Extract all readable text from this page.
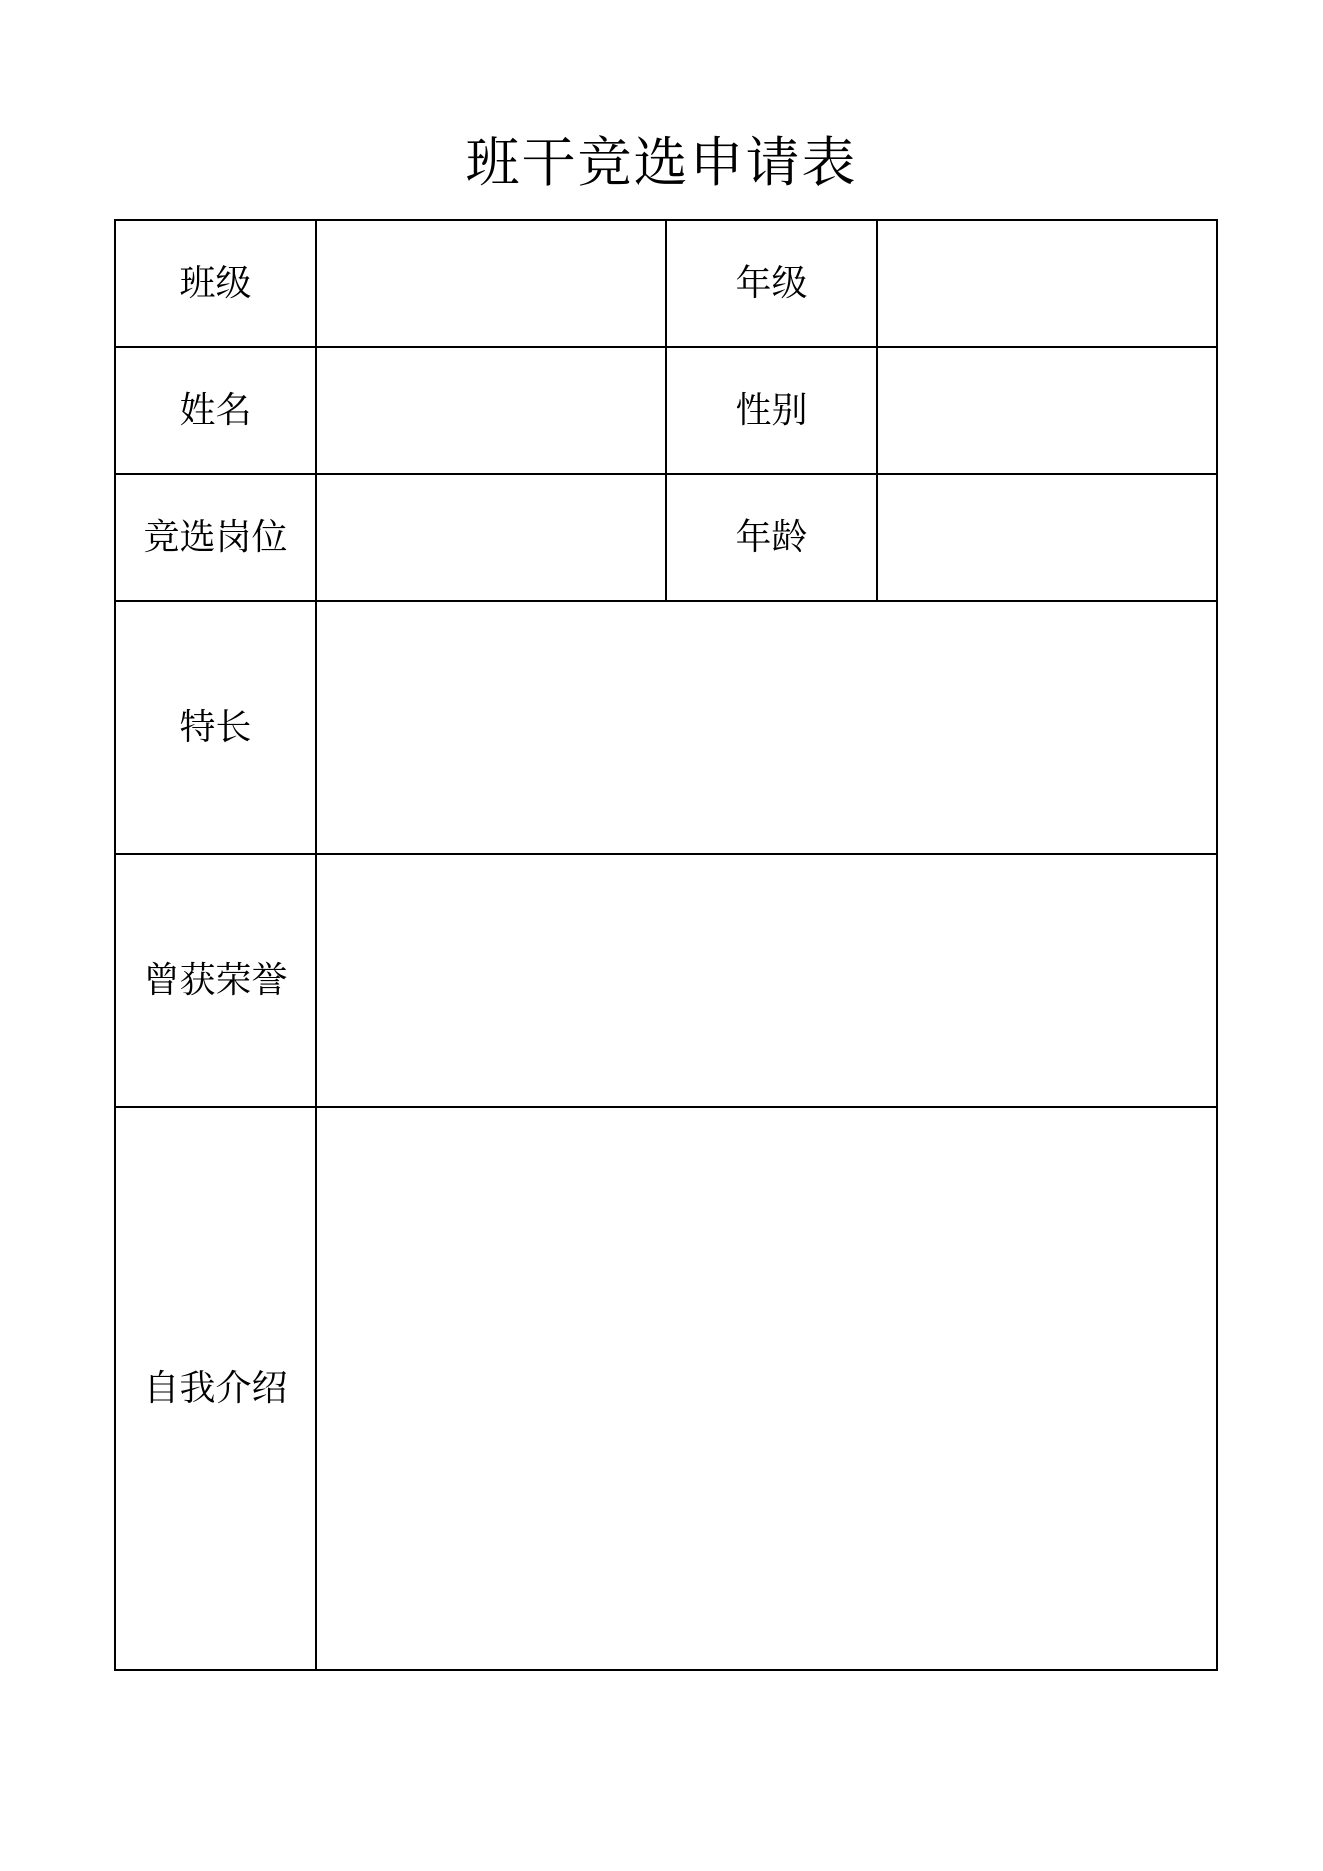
班干竞选申请表
班级		年级	
姓名		性别	
竞选岗位		年龄	
特长			
曾获荣誉			
自我介绍			
